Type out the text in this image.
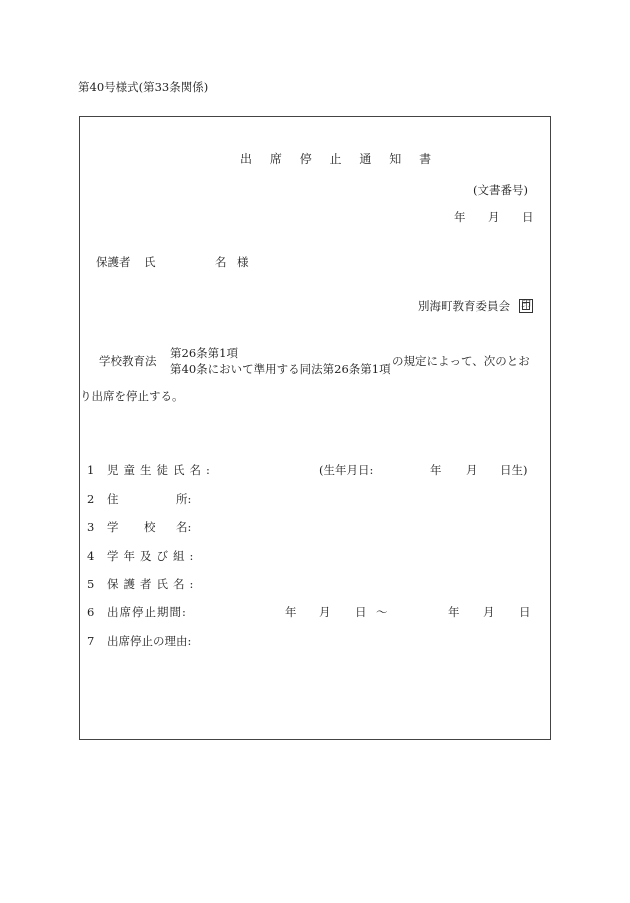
第40号様式(第33条関係)
出 席 停 止 通 知 書
(文書番号)
年 月 日
保護者 氏	名 様
別海町教育委員会 印
学校教育法
第26条第1項
第40条において準用する同法第26条第1項
の規定によって、次のとお
り出席を停止する。
1 児童生徒氏名:	(生年月日:	年 月 日生)
2 住	所:
3 学 校 名:
4 学年及び組:
5 保護者氏名:
6 出席停止期間:	年 月 日 〜	年 月 日
7 出席停止の理由:
